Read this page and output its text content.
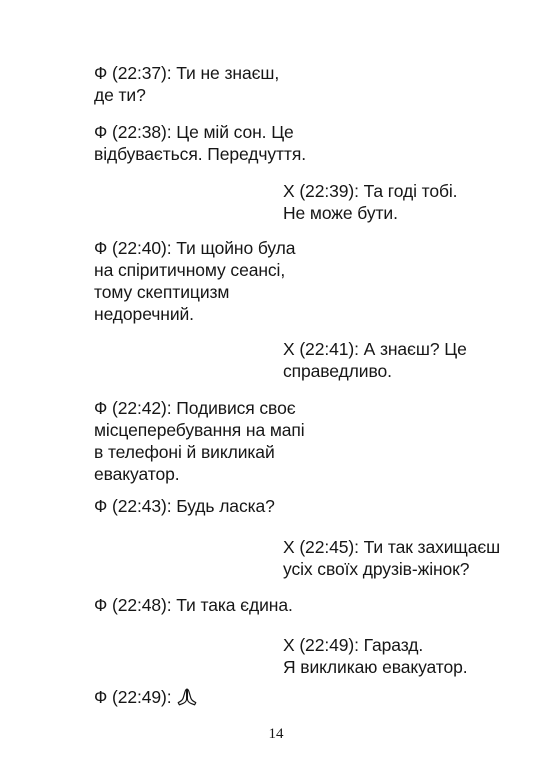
Ф (22:37): Ти не знаєш,
де ти?
Ф (22:38): Це мій сон. Це
відбувається. Передчуття.
Х (22:39): Та годі тобі.
Не може бути.
Ф (22:40): Ти щойно була
на спіритичному сеансі,
тому скептицизм
недоречний.
Х (22:41): А знаєш? Це
справедливо.
Ф (22:42): Подивися своє
місцеперебування на мапі
в телефоні й викликай
евакуатор.
Ф (22:43): Будь ласка?
Х (22:45): Ти так захищаєш
усіх своїх друзів-жінок?
Ф (22:48): Ти така єдина.
Х (22:49): Гаразд.
Я викликаю евакуатор.
Ф (22:49):
14
